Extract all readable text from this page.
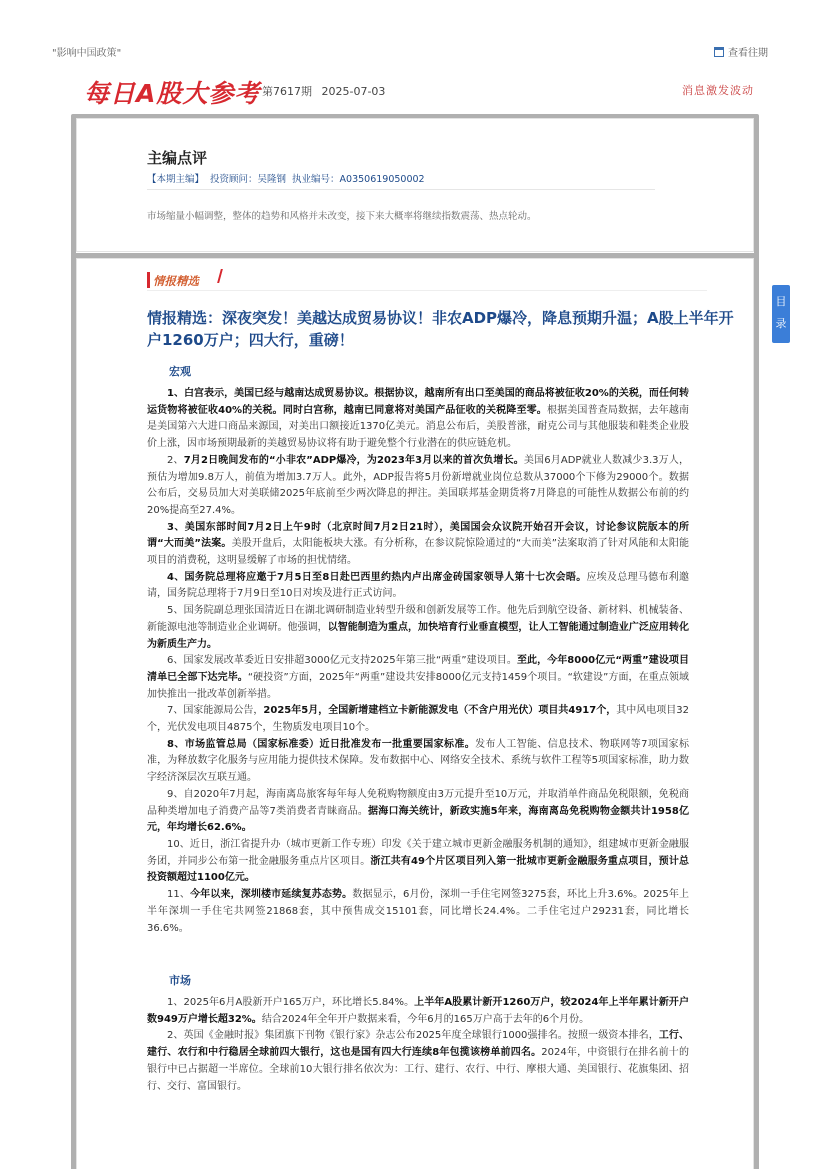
"影响中国政策"	查看往期
每日A股大参考 第7617期 2025-07-03	消息激发波动
主编点评
【本期主编】 投资顾问：吴隆钢 执业编号：A0350619050002
市场缩量小幅调整，整体的趋势和风格并未改变，接下来大概率将继续指数震荡、热点轮动。
情报精选
情报精选：深夜突发！美越达成贸易协议！非农ADP爆冷，降息预期升温；A股上半年开户1260万户；四大行，重磅！
宏观

1、白宫表示，美国已经与越南达成贸易协议。根据协议，越南所有出口至美国的商品将被征收20%的关税，而任何转运货物将被征收40%的关税。同时白宫称，越南已同意将对美国产品征收的关税降至零。根据美国普查局数据，去年越南是美国第六大进口商品来源国，对美出口额接近1370亿美元。消息公布后，美股普涨，耐克公司与其他服装和鞋类企业股价上涨，因市场预期最新的美越贸易协议将有助于避免整个行业潜在的供应链危机。

2、7月2日晚间发布的“小非农”ADP爆冷，为2023年3月以来的首次负增长。美国6月ADP就业人数减少3.3万人，预估为增加9.8万人，前值为增加3.7万人。此外，ADP报告将5月份新增就业岗位总数从37000个下修为29000个。数据公布后，交易员加大对美联储2025年底前至少两次降息的押注。美国联邦基金期货将7月降息的可能性从数据公布前的约20%提高至27.4%。

3、美国东部时间7月2日上午9时（北京时间7月2日21时），美国国会众议院开始召开会议，讨论参议院版本的所谓“大而美”法案。美股开盘后，太阳能板块大涨。有分析称，在参议院惊险通过的“大而美”法案取消了针对风能和太阳能项目的消费税，这明显缓解了市场的担忧情绪。

4、国务院总理将应邀于7月5日至8日赴巴西里约热内卢出席金砖国家领导人第十七次会晤。应埃及总理马德布利邀请，国务院总理将于7月9日至10日对埃及进行正式访问。

5、国务院副总理张国清近日在湖北调研制造业转型升级和创新发展等工作。他先后到航空设备、新材料、机械装备、新能源电池等制造业企业调研。他强调，以智能制造为重点，加快培育行业垂直模型，让人工智能通过制造业广泛应用转化为新质生产力。

6、国家发展改革委近日安排超3000亿元支持2025年第三批“两重”建设项目。至此，今年8000亿元“两重”建设项目清单已全部下达完毕。“硬投资”方面，2025年“两重”建设共安排8000亿元支持1459个项目。“软建设”方面，在重点领域加快推出一批改革创新举措。

7、国家能源局公告，2025年5月，全国新增建档立卡新能源发电（不含户用光伏）项目共4917个，其中风电项目32个，光伏发电项目4875个，生物质发电项目10个。

8、市场监管总局（国家标准委）近日批准发布一批重要国家标准。发布人工智能、信息技术、物联网等7项国家标准，为释放数字化服务与应用能力提供技术保障。发布数据中心、网络安全技术、系统与软件工程等5项国家标准，助力数字经济深层次互联互通。

9、自2020年7月起，海南离岛旅客每年每人免税购物额度由3万元提升至10万元，并取消单件商品免税限额，免税商品种类增加电子消费产品等7类消费者青睐商品。据海口海关统计，新政实施5年来，海南离岛免税购物金额共计1958亿元，年均增长62.6%。

10、近日，浙江省提升办（城市更新工作专班）印发《关于建立城市更新金融服务机制的通知》，组建城市更新金融服务团，并同步公布第一批金融服务重点片区项目。浙江共有49个片区项目列入第一批城市更新金融服务重点项目，预计总投资额超过1100亿元。

11、今年以来，深圳楼市延续复苏态势。数据显示，6月份，深圳一手住宅网签3275套，环比上升3.6%。2025年上半年深圳一手住宅共网签21868套，其中预售成交15101套，同比增长24.4%。二手住宅过户29231套，同比增长36.6%。

市场

1、2025年6月A股新开户165万户，环比增长5.84%。上半年A股累计新开1260万户，较2024年上半年累计新开户数949万户增长超32%。结合2024年全年开户数据来看，今年6月的165万户高于去年的6个月份。

2、英国《金融时报》集团旗下刊物《银行家》杂志公布2025年度全球银行1000强排名。按照一级资本排名，工行、建行、农行和中行稳居全球前四大银行，这也是国有四大行连续8年包揽该榜单前四名。2024年，中资银行在排名前十的银行中已占据超一半席位。全球前10大银行排名依次为：工行、建行、农行、中行、摩根大通、美国银行、花旗集团、招行、交行、富国银行。

目录
